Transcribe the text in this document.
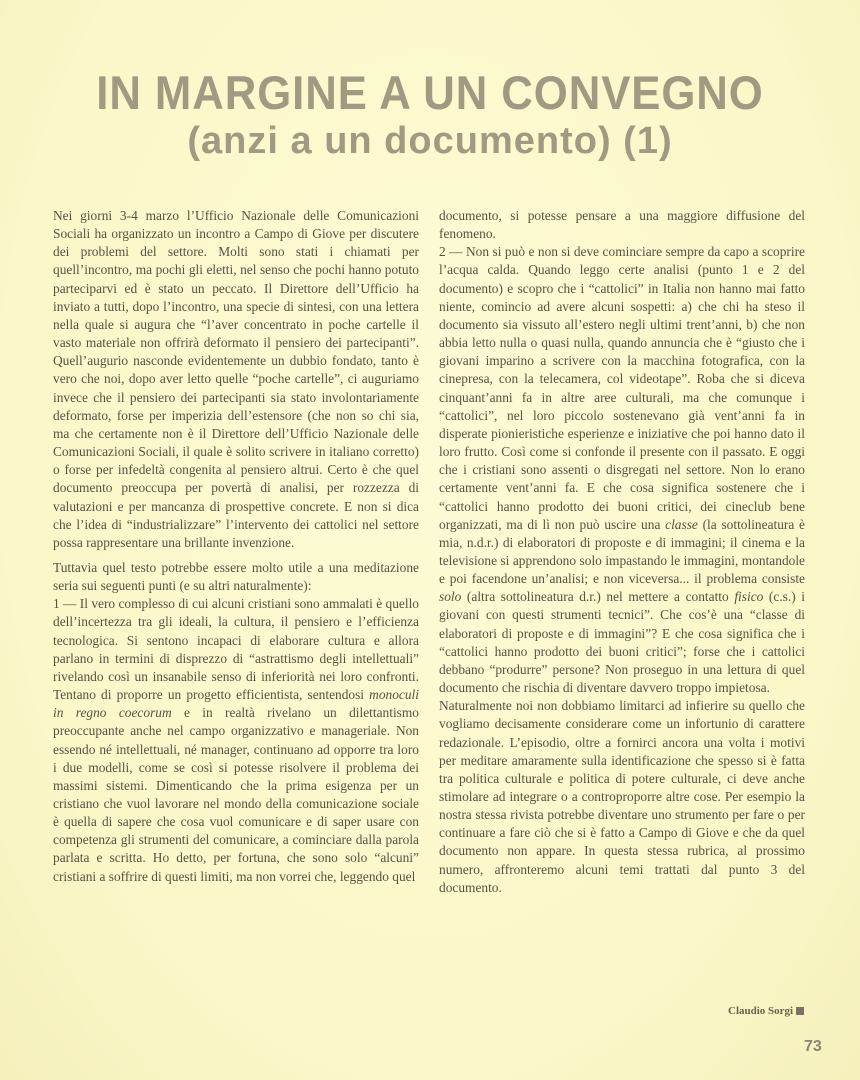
IN MARGINE A UN CONVEGNO
(anzi a un documento) (1)

Nei giorni 3-4 marzo l’Ufficio Nazionale delle Comunicazioni Sociali ha organizzato un incontro a Campo di Giove per discutere dei problemi del settore. Molti sono stati i chiamati per quell’incontro, ma pochi gli eletti, nel senso che pochi hanno potuto parteciparvi ed è stato un peccato. Il Direttore dell’Ufficio ha inviato a tutti, dopo l’incontro, una specie di sintesi, con una lettera nella quale si augura che “l’aver concentrato in poche cartelle il vasto materiale non offrirà deformato il pensiero dei partecipanti”. Quell’augurio nasconde evidentemente un dubbio fondato, tanto è vero che noi, dopo aver letto quelle “poche cartelle”, ci auguriamo invece che il pensiero dei partecipanti sia stato involontariamente deformato, forse per imperizia dell’estensore (che non so chi sia, ma che certamente non è il Direttore dell’Ufficio Nazionale delle Comunicazioni Sociali, il quale è solito scrivere in italiano corretto) o forse per infedeltà congenita al pensiero altrui. Certo è che quel documento preoccupa per povertà di analisi, per rozzezza di valutazioni e per mancanza di prospettive concrete. E non si dica che l’idea di “industrializzare” l’intervento dei cattolici nel settore possa rappresentare una brillante invenzione.

Tuttavia quel testo potrebbe essere molto utile a una meditazione seria sui seguenti punti (e su altri naturalmente):

1 — Il vero complesso di cui alcuni cristiani sono ammalati è quello dell’incertezza tra gli ideali, la cultura, il pensiero e l’efficienza tecnologica. Si sentono incapaci di elaborare cultura e allora parlano in termini di disprezzo di “astrattismo degli intellettuali” rivelando così un insanabile senso di inferiorità nei loro confronti. Tentano di proporre un progetto efficientista, sentendosi monoculi in regno coecorum e in realtà rivelano un dilettantismo preoccupante anche nel campo organizzativo e manageriale. Non essendo né intellettuali, né manager, continuano ad opporre tra loro i due modelli, come se così si potesse risolvere il problema dei massimi sistemi. Dimenticando che la prima esigenza per un cristiano che vuol lavorare nel mondo della comunicazione sociale è quella di sapere che cosa vuol comunicare e di saper usare con competenza gli strumenti del comunicare, a cominciare dalla parola parlata e scritta. Ho detto, per fortuna, che sono solo “alcuni” cristiani a soffrire di questi limiti, ma non vorrei che, leggendo quel

documento, si potesse pensare a una maggiore diffusione del fenomeno.

2 — Non si può e non si deve cominciare sempre da capo a scoprire l’acqua calda. Quando leggo certe analisi (punto 1 e 2 del documento) e scopro che i “cattolici” in Italia non hanno mai fatto niente, comincio ad avere alcuni sospetti: a) che chi ha steso il documento sia vissuto all’estero negli ultimi trent’anni, b) che non abbia letto nulla o quasi nulla, quando annuncia che è “giusto che i giovani imparino a scrivere con la macchina fotografica, con la cinepresa, con la telecamera, col videotape”. Roba che si diceva cinquant’anni fa in altre aree culturali, ma che comunque i “cattolici”, nel loro piccolo sostenevano già vent’anni fa in disperate pionieristiche esperienze e iniziative che poi hanno dato il loro frutto. Così come si confonde il presente con il passato. E oggi che i cristiani sono assenti o disgregati nel settore. Non lo erano certamente vent’anni fa. E che cosa significa sostenere che i “cattolici hanno prodotto dei buoni critici, dei cineclub bene organizzati, ma di lì non può uscire una classe (la sottolineatura è mia, n.d.r.) di elaboratori di proposte e di immagini; il cinema e la televisione si apprendono solo impastando le immagini, montandole e poi facendone un’analisi; e non viceversa... il problema consiste solo (altra sottolineatura d.r.) nel mettere a contatto fisico (c.s.) i giovani con questi strumenti tecnici”. Che cos’è una “classe di elaboratori di proposte e di immagini”? E che cosa significa che i “cattolici hanno prodotto dei buoni critici”; forse che i cattolici debbano “produrre” persone? Non proseguo in una lettura di quel documento che rischia di diventare davvero troppo impietosa.

Naturalmente noi non dobbiamo limitarci ad infierire su quello che vogliamo decisamente considerare come un infortunio di carattere redazionale. L’episodio, oltre a fornirci ancora una volta i motivi per meditare amaramente sulla identificazione che spesso si è fatta tra politica culturale e politica di potere culturale, ci deve anche stimolare ad integrare o a controproporre altre cose. Per esempio la nostra stessa rivista potrebbe diventare uno strumento per fare o per continuare a fare ciò che si è fatto a Campo di Giove e che da quel documento non appare. In questa stessa rubrica, al prossimo numero, affronteremo alcuni temi trattati dal punto 3 del documento.

Claudio Sorgi
73
